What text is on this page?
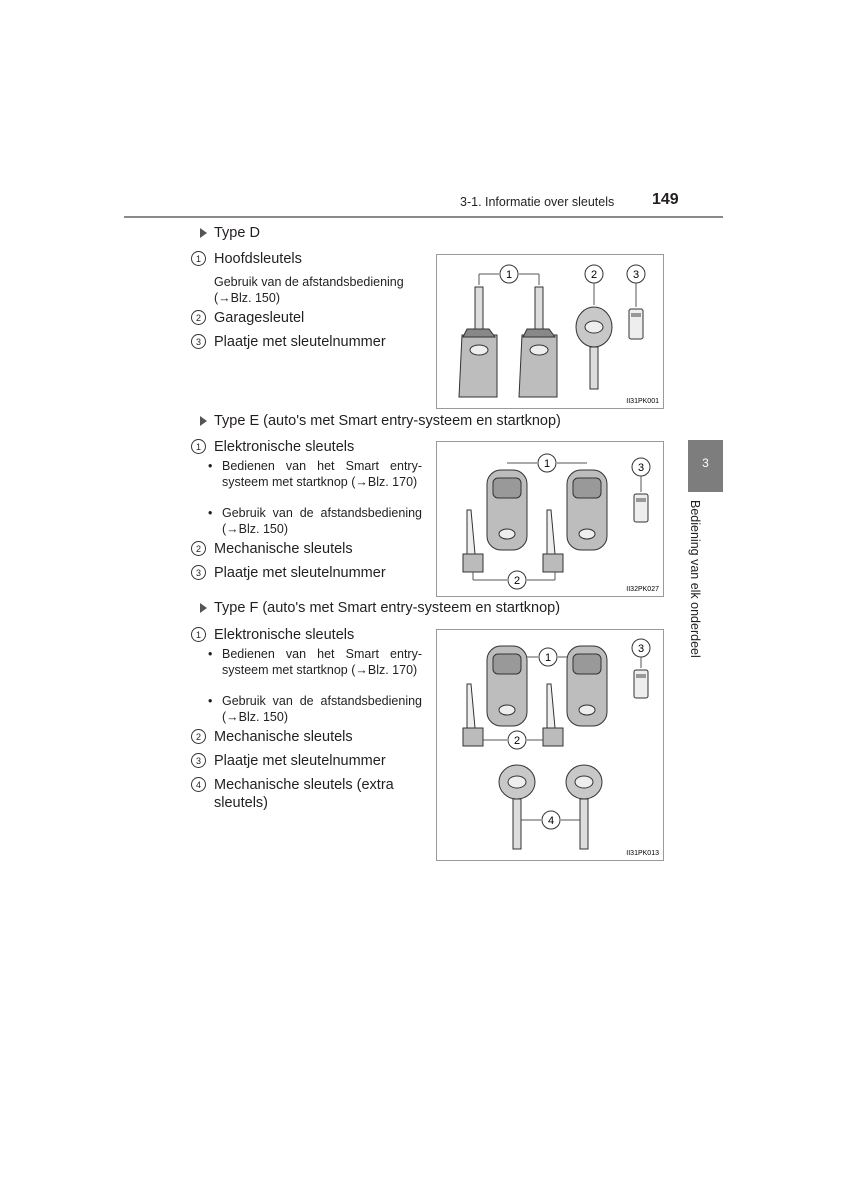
3-1. Informatie over sleutels 149
3
Bediening van elk onderdeel
Type D
1 Hoofdsleutels
Gebruik van de afstandsbediening (→Blz. 150)
2 Garagesleutel
3 Plaatje met sleutelnummer
1	2	3
II31PK001
Type E (auto's met Smart entry-systeem en startknop)
1 Elektronische sleutels
• Bedienen van het Smart entry-systeem met startknop (→Blz. 170)
• Gebruik van de afstandsbediening (→Blz. 150)
2 Mechanische sleutels
3 Plaatje met sleutelnummer
1
2
3
II32PK027
Type F (auto's met Smart entry-systeem en startknop)
1 Elektronische sleutels
• Bedienen van het Smart entry-systeem met startknop (→Blz. 170)
• Gebruik van de afstandsbediening (→Blz. 150)
2 Mechanische sleutels
3 Plaatje met sleutelnummer
4 Mechanische sleutels (extra sleutels)
1
2
3
4
II31PK013
